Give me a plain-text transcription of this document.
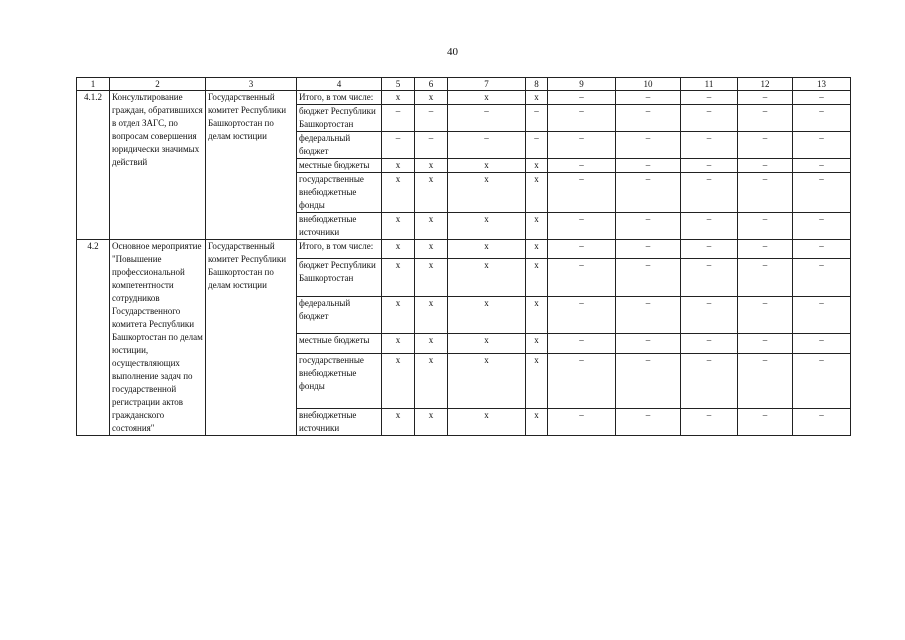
40
1	2	3	4	5	6	7	8	9	10	11	12	13
4.1.2	Консультирование граждан, обратившихся в отдел ЗАГС, по вопросам совершения юридически значимых действий	Государственный комитет Республики Башкортостан по делам юстиции	Итого, в том числе:	х	х	х	х	–	–	–	–	–
			бюджет Республики Башкортостан	–	–	–	–	–	–	–	–	–
			федеральный бюджет	–	–	–	–	–	–	–	–	–
			местные бюджеты	х	х	х	х	–	–	–	–	–
			государственные внебюджетные фонды	х	х	х	х	–	–	–	–	–
			внебюджетные источники	х	х	х	х	–	–	–	–	–
4.2	Основное мероприятие "Повышение профессиональной компетентности сотрудников Государственного комитета Республики Башкортостан по делам юстиции, осуществляющих выполнение задач по государственной регистрации актов гражданского состояния"	Государственный комитет Республики Башкортостан по делам юстиции	Итого, в том числе:	х	х	х	х	–	–	–	–	–
			бюджет Республики Башкортостан	х	х	х	х	–	–	–	–	–
			федеральный бюджет	х	х	х	х	–	–	–	–	–
			местные бюджеты	х	х	х	х	–	–	–	–	–
			государственные внебюджетные фонды	х	х	х	х	–	–	–	–	–
			внебюджетные источники	х	х	х	х	–	–	–	–	–
